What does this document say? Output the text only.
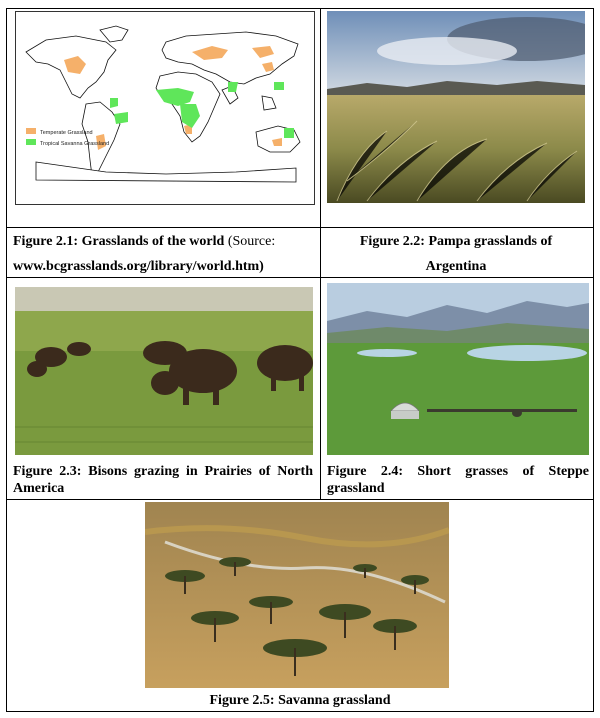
Temperate Grassland
Tropical Savanna Grassland
Figure 2.1: Grasslands of the world (Source:
www.bcgrasslands.org/library/world.htm)
Figure 2.2: Pampa grasslands of
Argentina
Figure 2.3: Bisons grazing in Prairies of North America
Figure 2.4: Short grasses of Steppe grassland
Figure 2.5: Savanna grassland
